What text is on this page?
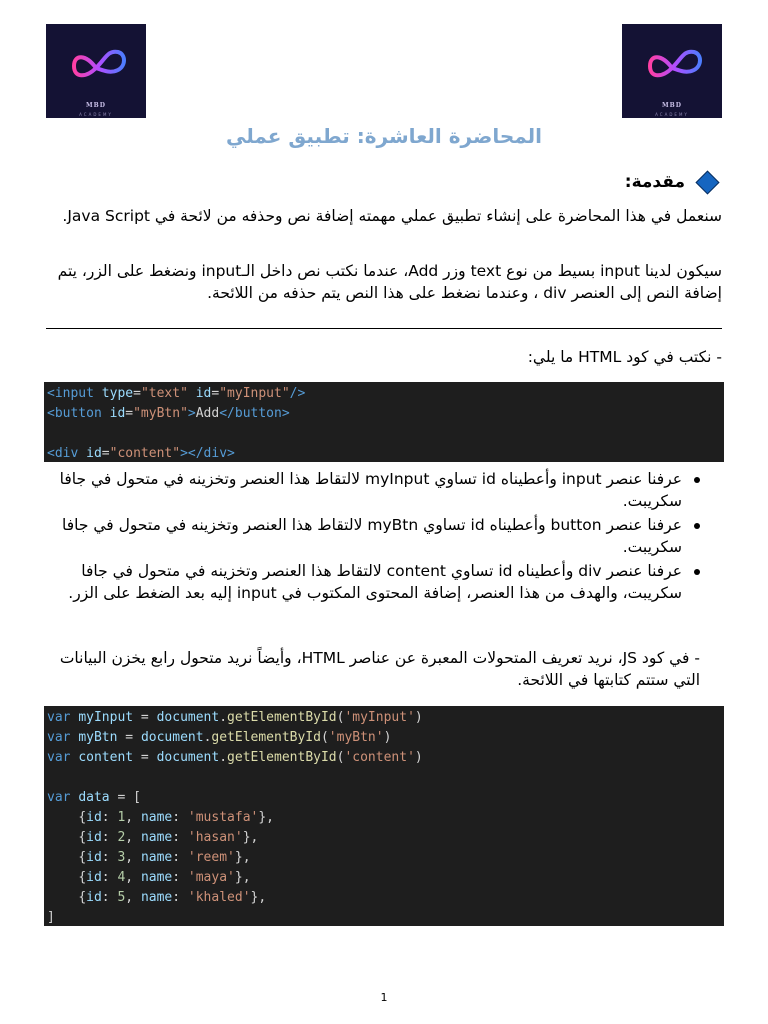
MBD
ACADEMY
MBD
ACADEMY
المحاضرة العاشرة: تطبيق عملي
مقدمة:

سنعمل في هذا المحاضرة على إنشاء تطبيق عملي مهمته إضافة نص وحذفه من لائحة في Java Script.

سيكون لدينا input بسيط من نوع text وزر Add، عندما نكتب نص داخل الـinput ونضغط على الزر، يتم إضافة النص إلى العنصر div ، وعندما نضغط على هذا النص يتم حذفه من اللائحة.

- نكتب في كود HTML ما يلي:

<input type="text" id="myInput"/>
<button id="myBtn">Add</button>

<div id="content"></div>
عرفنا عنصر input وأعطيناه id تساوي myInput لالتقاط هذا العنصر وتخزينه في متحول في جافا سكريبت.
عرفنا عنصر button وأعطيناه id تساوي myBtn لالتقاط هذا العنصر وتخزينه في متحول في جافا سكريبت.
عرفنا عنصر div وأعطيناه id تساوي content لالتقاط هذا العنصر وتخزينه في متحول في جافا سكريبت، والهدف من هذا العنصر، إضافة المحتوى المكتوب في input إليه بعد الضغط على الزر.

- في كود JS، نريد تعريف المتحولات المعبرة عن عناصر HTML، وأيضاً نريد متحول رابع يخزن البيانات التي ستتم كتابتها في اللائحة.

var myInput = document.getElementById('myInput')
var myBtn = document.getElementById('myBtn')
var content = document.getElementById('content')

var data = [
{id: 1, name: 'mustafa'},
{id: 2, name: 'hasan'},
{id: 3, name: 'reem'},
{id: 4, name: 'maya'},
{id: 5, name: 'khaled'},
]
1
